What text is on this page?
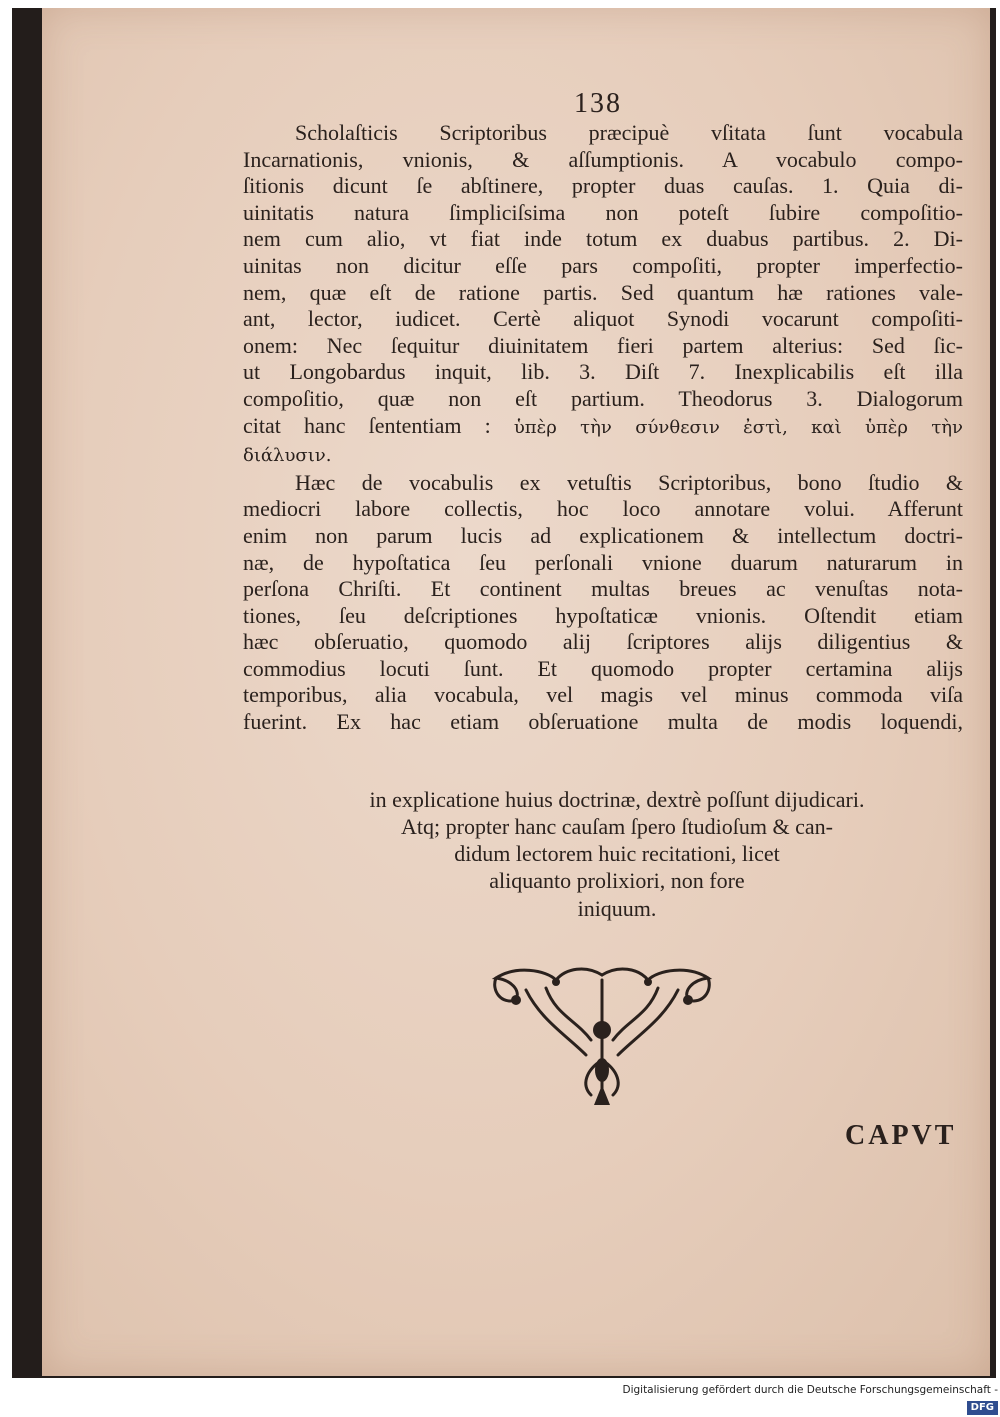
138
Scholaſticis Scriptoribus præcipuè vſitata ſunt vocabula
Incarnationis, vnionis, & aſſumptionis. A vocabulo compo-
ſitionis dicunt ſe abſtinere, propter duas cauſas. 1. Quia di-
uinitatis natura ſimpliciſsima non poteſt ſubire compoſitio-
nem cum alio, vt fiat inde totum ex duabus partibus. 2. Di-
uinitas non dicitur eſſe pars compoſiti, propter imperfectio-
nem, quæ eſt de ratione partis. Sed quantum hæ rationes vale-
ant, lector, iudicet. Certè aliquot Synodi vocarunt compoſiti-
onem: Nec ſequitur diuinitatem fieri partem alterius: Sed ſic-
ut Longobardus inquit, lib. 3. Diſt 7. Inexplicabilis eſt illa
compoſitio, quæ non eſt partium. Theodorus 3. Dialogorum
citat hanc ſententiam : ὑπὲρ τὴν σύνθεσιν ἐστὶ, καὶ ὑπὲρ τὴν
διάλυσιν.
Hæc de vocabulis ex vetuſtis Scriptoribus, bono ſtudio &
mediocri labore collectis, hoc loco annotare volui. Afferunt
enim non parum lucis ad explicationem & intellectum doctri-
næ, de hypoſtatica ſeu perſonali vnione duarum naturarum in
perſona Chriſti. Et continent multas breues ac venuſtas nota-
tiones, ſeu deſcriptiones hypoſtaticæ vnionis. Oſtendit etiam
hæc obſeruatio, quomodo alij ſcriptores alijs diligentius &
commodius locuti ſunt. Et quomodo propter certamina alijs
temporibus, alia vocabula, vel magis vel minus commoda viſa
fuerint. Ex hac etiam obſeruatione multa de modis loquendi,
in explicatione huius doctrinæ, dextrè poſſunt dijudicari.
Atq; propter hanc cauſam ſpero ſtudioſum & can-
didum lectorem huic recitationi, licet
aliquanto prolixiori, non fore
iniquum.
CAPVT
Digitalisierung gefördert durch die Deutsche Forschungsgemeinschaft - DFG
